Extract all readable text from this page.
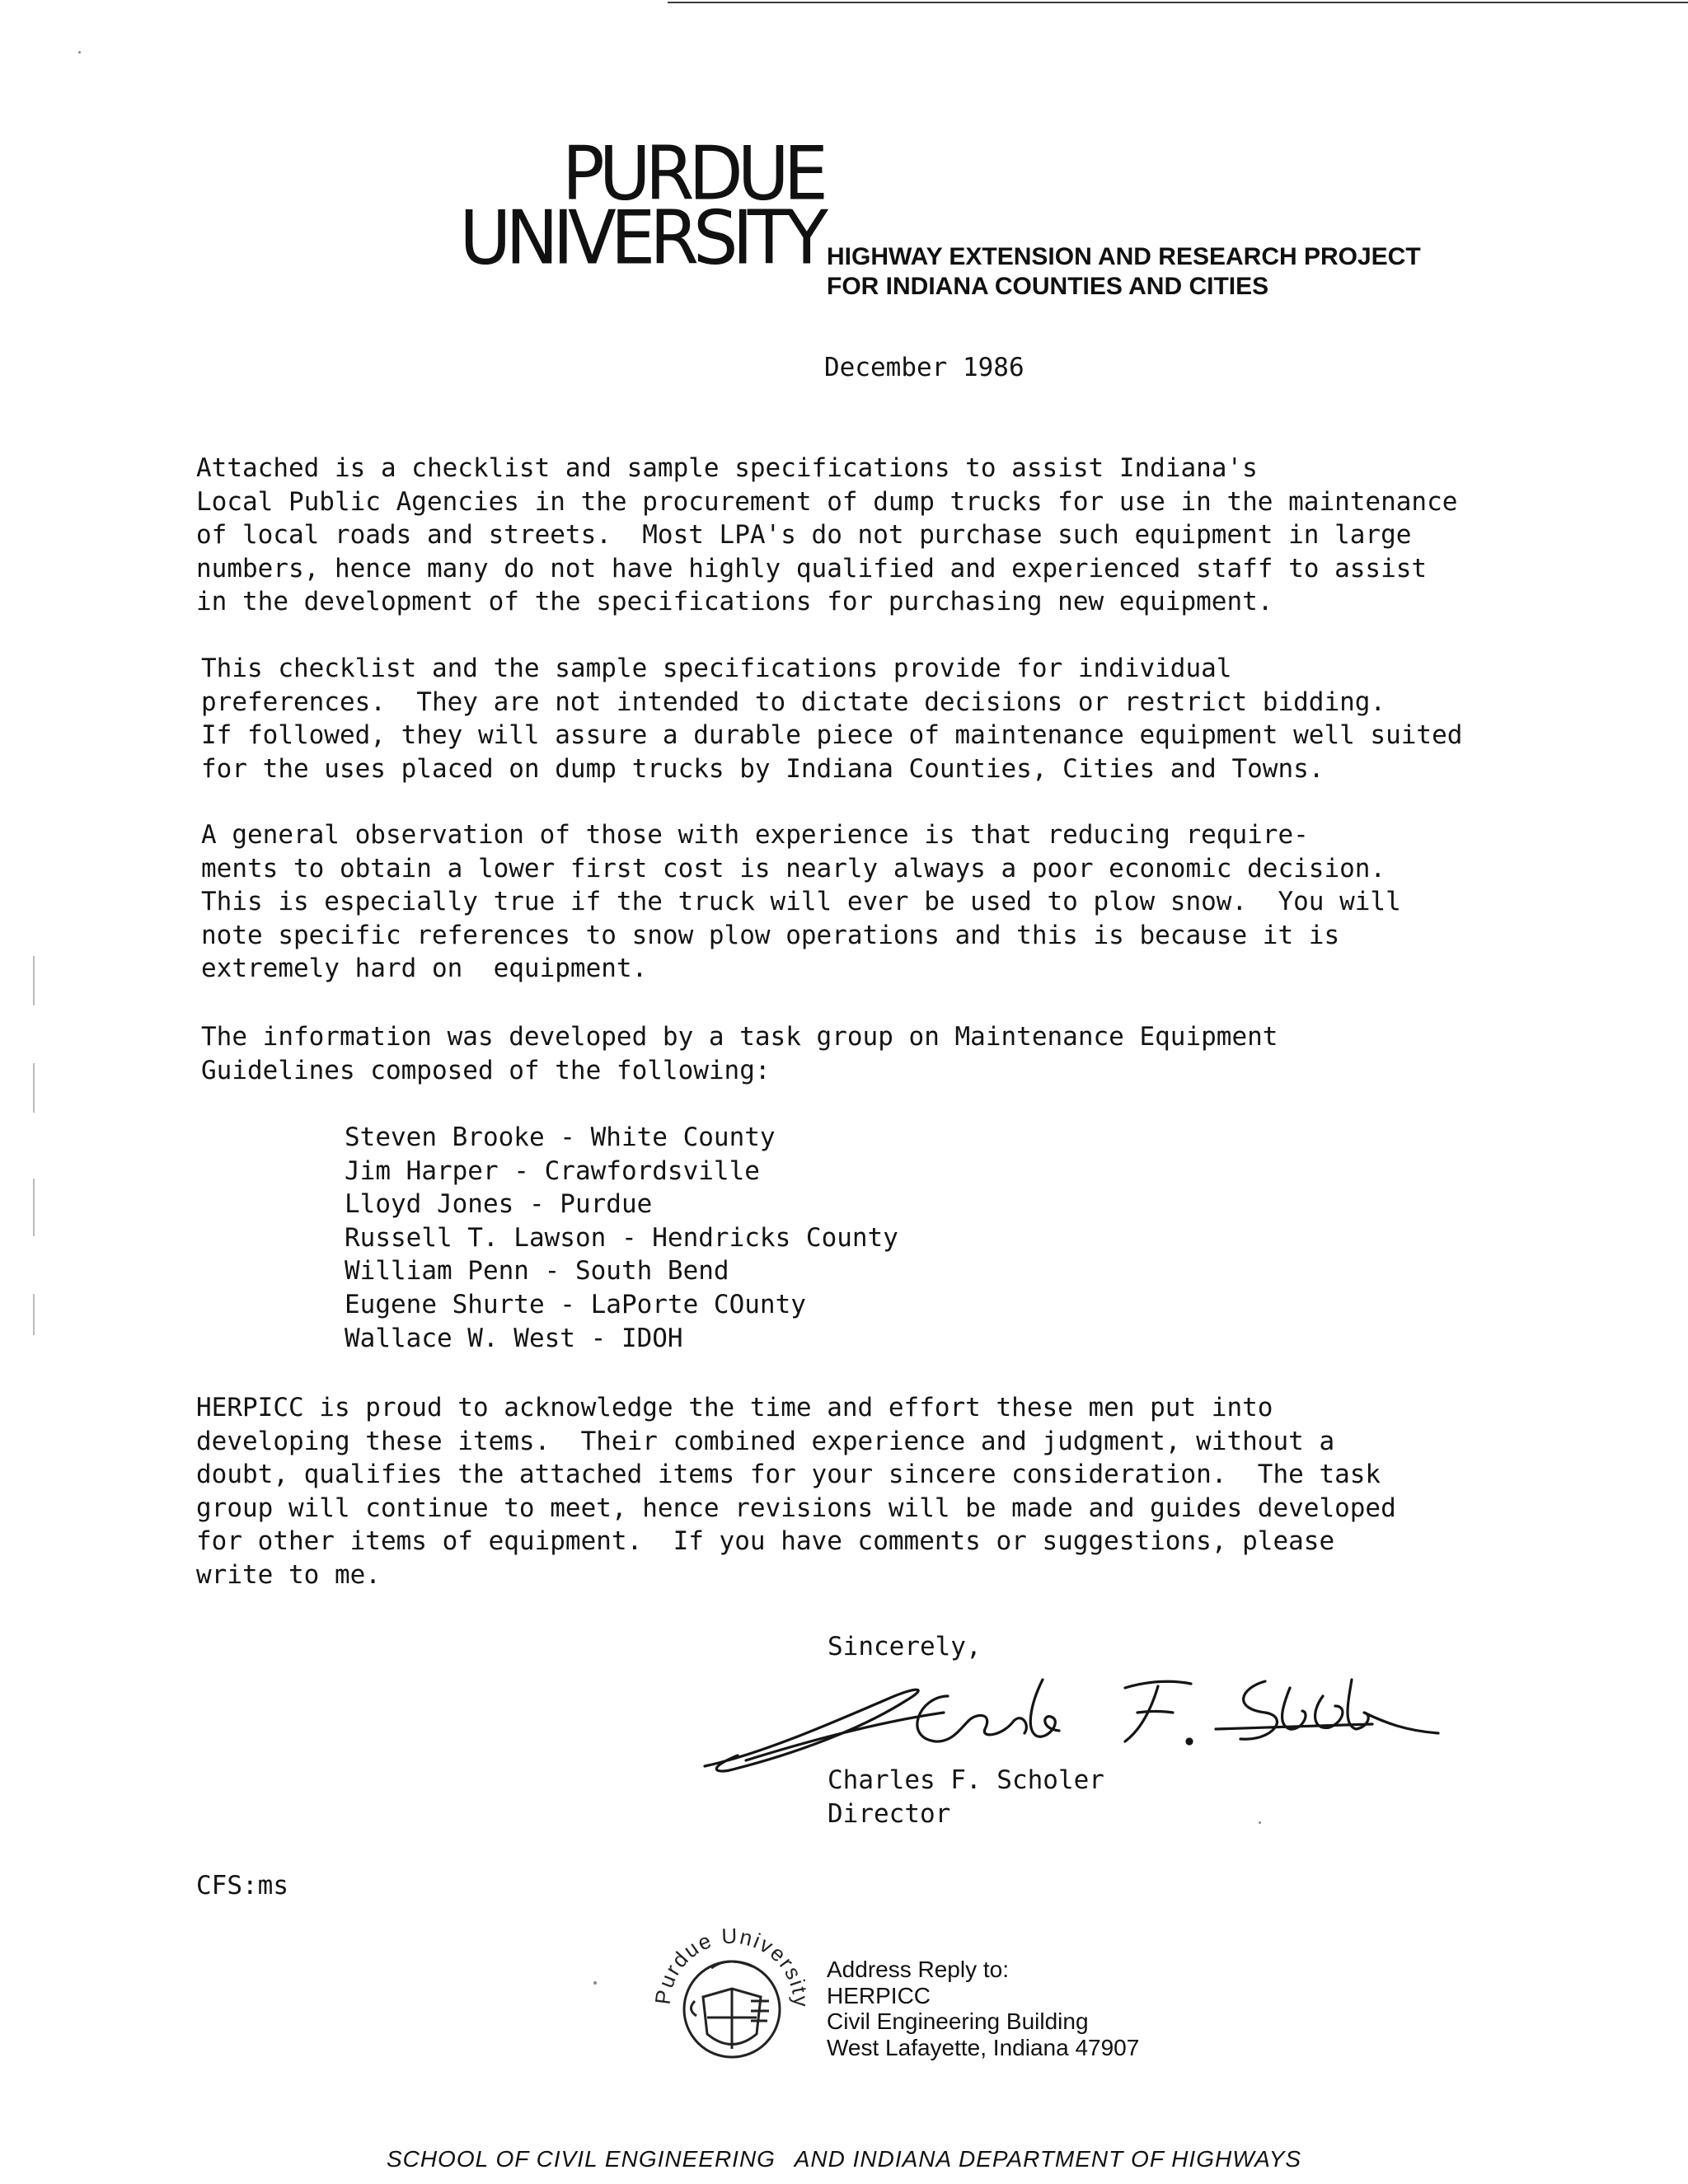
PURDUE
UNIVERSITY HIGHWAY EXTENSION AND RESEARCH PROJECT
FOR INDIANA COUNTIES AND CITIES
December 1986

Attached is a checklist and sample specifications to assist Indiana's
Local Public Agencies in the procurement of dump trucks for use in the maintenance
of local roads and streets.  Most LPA's do not purchase such equipment in large
numbers, hence many do not have highly qualified and experienced staff to assist
in the development of the specifications for purchasing new equipment.

This checklist and the sample specifications provide for individual
preferences.  They are not intended to dictate decisions or restrict bidding.
If followed, they will assure a durable piece of maintenance equipment well suited
for the uses placed on dump trucks by Indiana Counties, Cities and Towns.

A general observation of those with experience is that reducing require-
ments to obtain a lower first cost is nearly always a poor economic decision.
This is especially true if the truck will ever be used to plow snow.  You will
note specific references to snow plow operations and this is because it is
extremely hard on  equipment.

The information was developed by a task group on Maintenance Equipment
Guidelines composed of the following:

Steven Brooke - White County
Jim Harper - Crawfordsville
Lloyd Jones - Purdue
Russell T. Lawson - Hendricks County
William Penn - South Bend
Eugene Shurte - LaPorte COunty
Wallace W. West - IDOH

HERPICC is proud to acknowledge the time and effort these men put into
developing these items.  Their combined experience and judgment, without a
doubt, qualifies the attached items for your sincere consideration.  The task
group will continue to meet, hence revisions will be made and guides developed
for other items of equipment.  If you have comments or suggestions, please
write to me.

Sincerely,
Charles F. Scholer
Director
CFS:ms
Purdue University
Address Reply to:
HERPICC
Civil Engineering Building
West Lafayette, Indiana 47907
SCHOOL OF CIVIL ENGINEERING AND INDIANA DEPARTMENT OF HIGHWAYS
